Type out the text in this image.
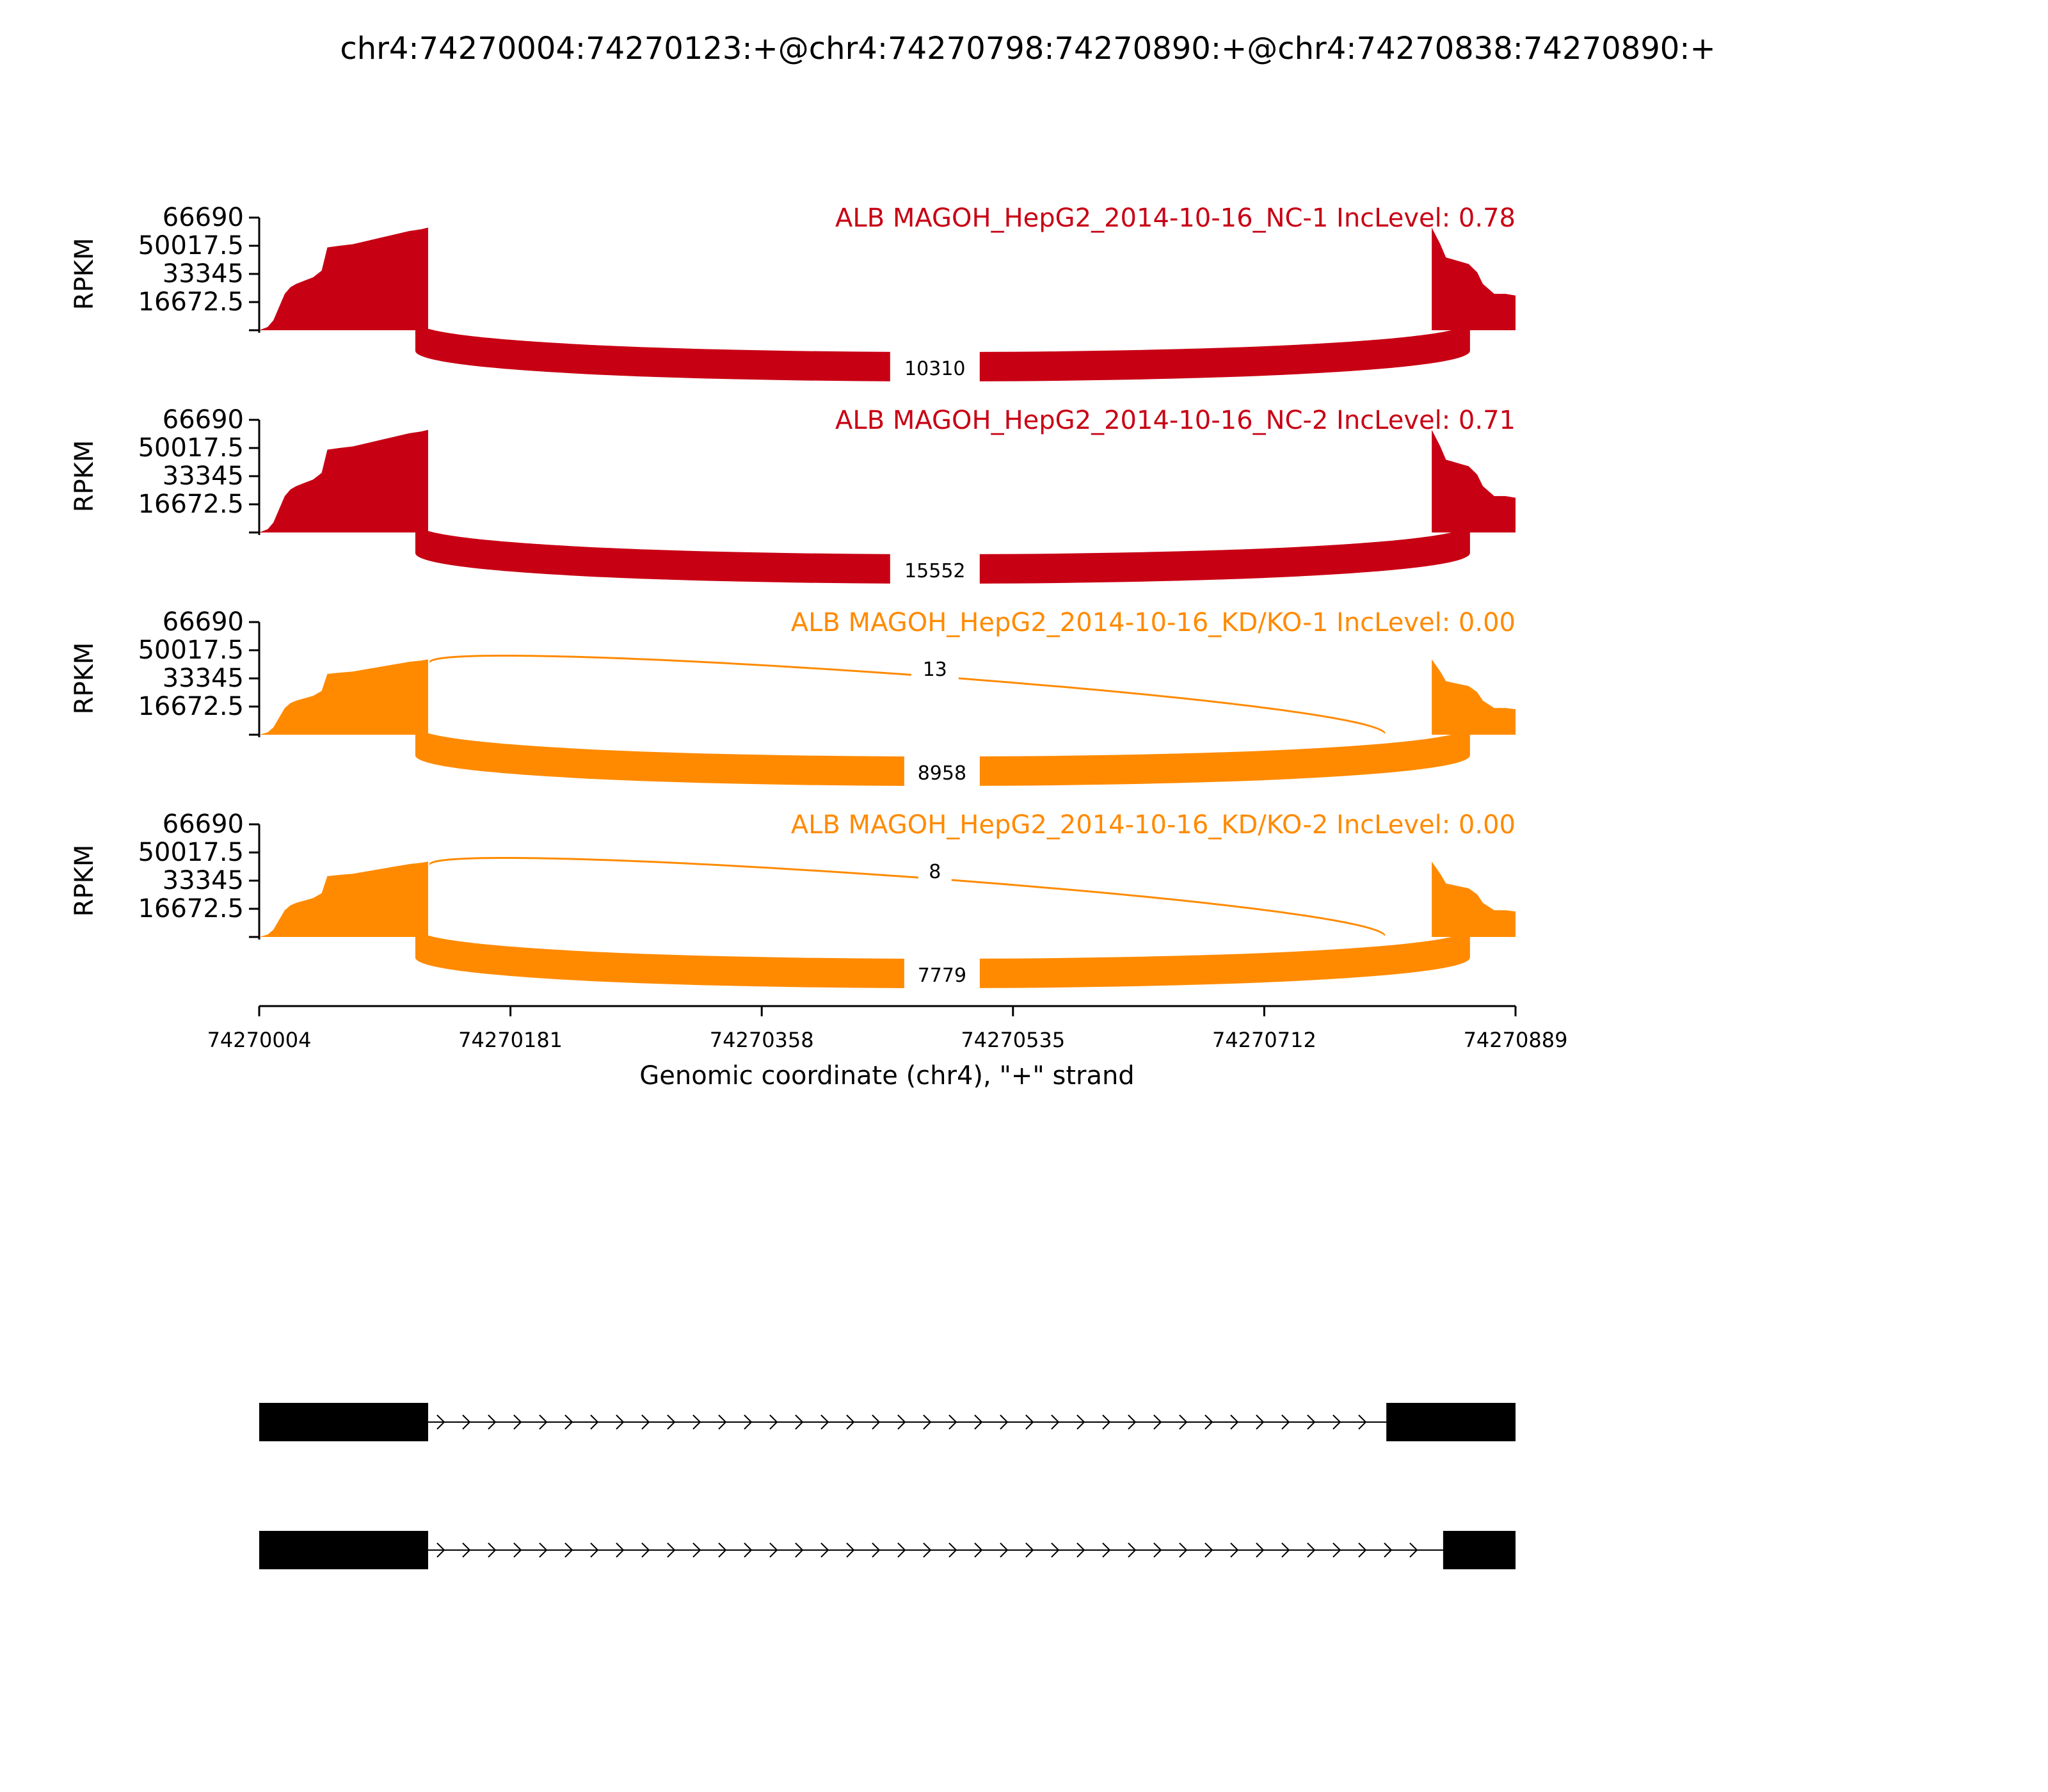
chr4:74270004:74270123:+@chr4:74270798:74270890:+@chr4:74270838:74270890:+
66690
50017.5
33345
16672.5
RPKM
ALB MAGOH_HepG2_2014-10-16_NC-1 IncLevel: 0.78
10310
66690
50017.5
33345
16672.5
RPKM
ALB MAGOH_HepG2_2014-10-16_NC-2 IncLevel: 0.71
15552
66690
50017.5
33345
16672.5
RPKM
ALB MAGOH_HepG2_2014-10-16_KD/KO-1 IncLevel: 0.00
8958
13
66690
50017.5
33345
16672.5
RPKM
ALB MAGOH_HepG2_2014-10-16_KD/KO-2 IncLevel: 0.00
7779
8
74270004	74270181	74270358	74270535	74270712	74270889
Genomic coordinate (chr4), "+" strand
